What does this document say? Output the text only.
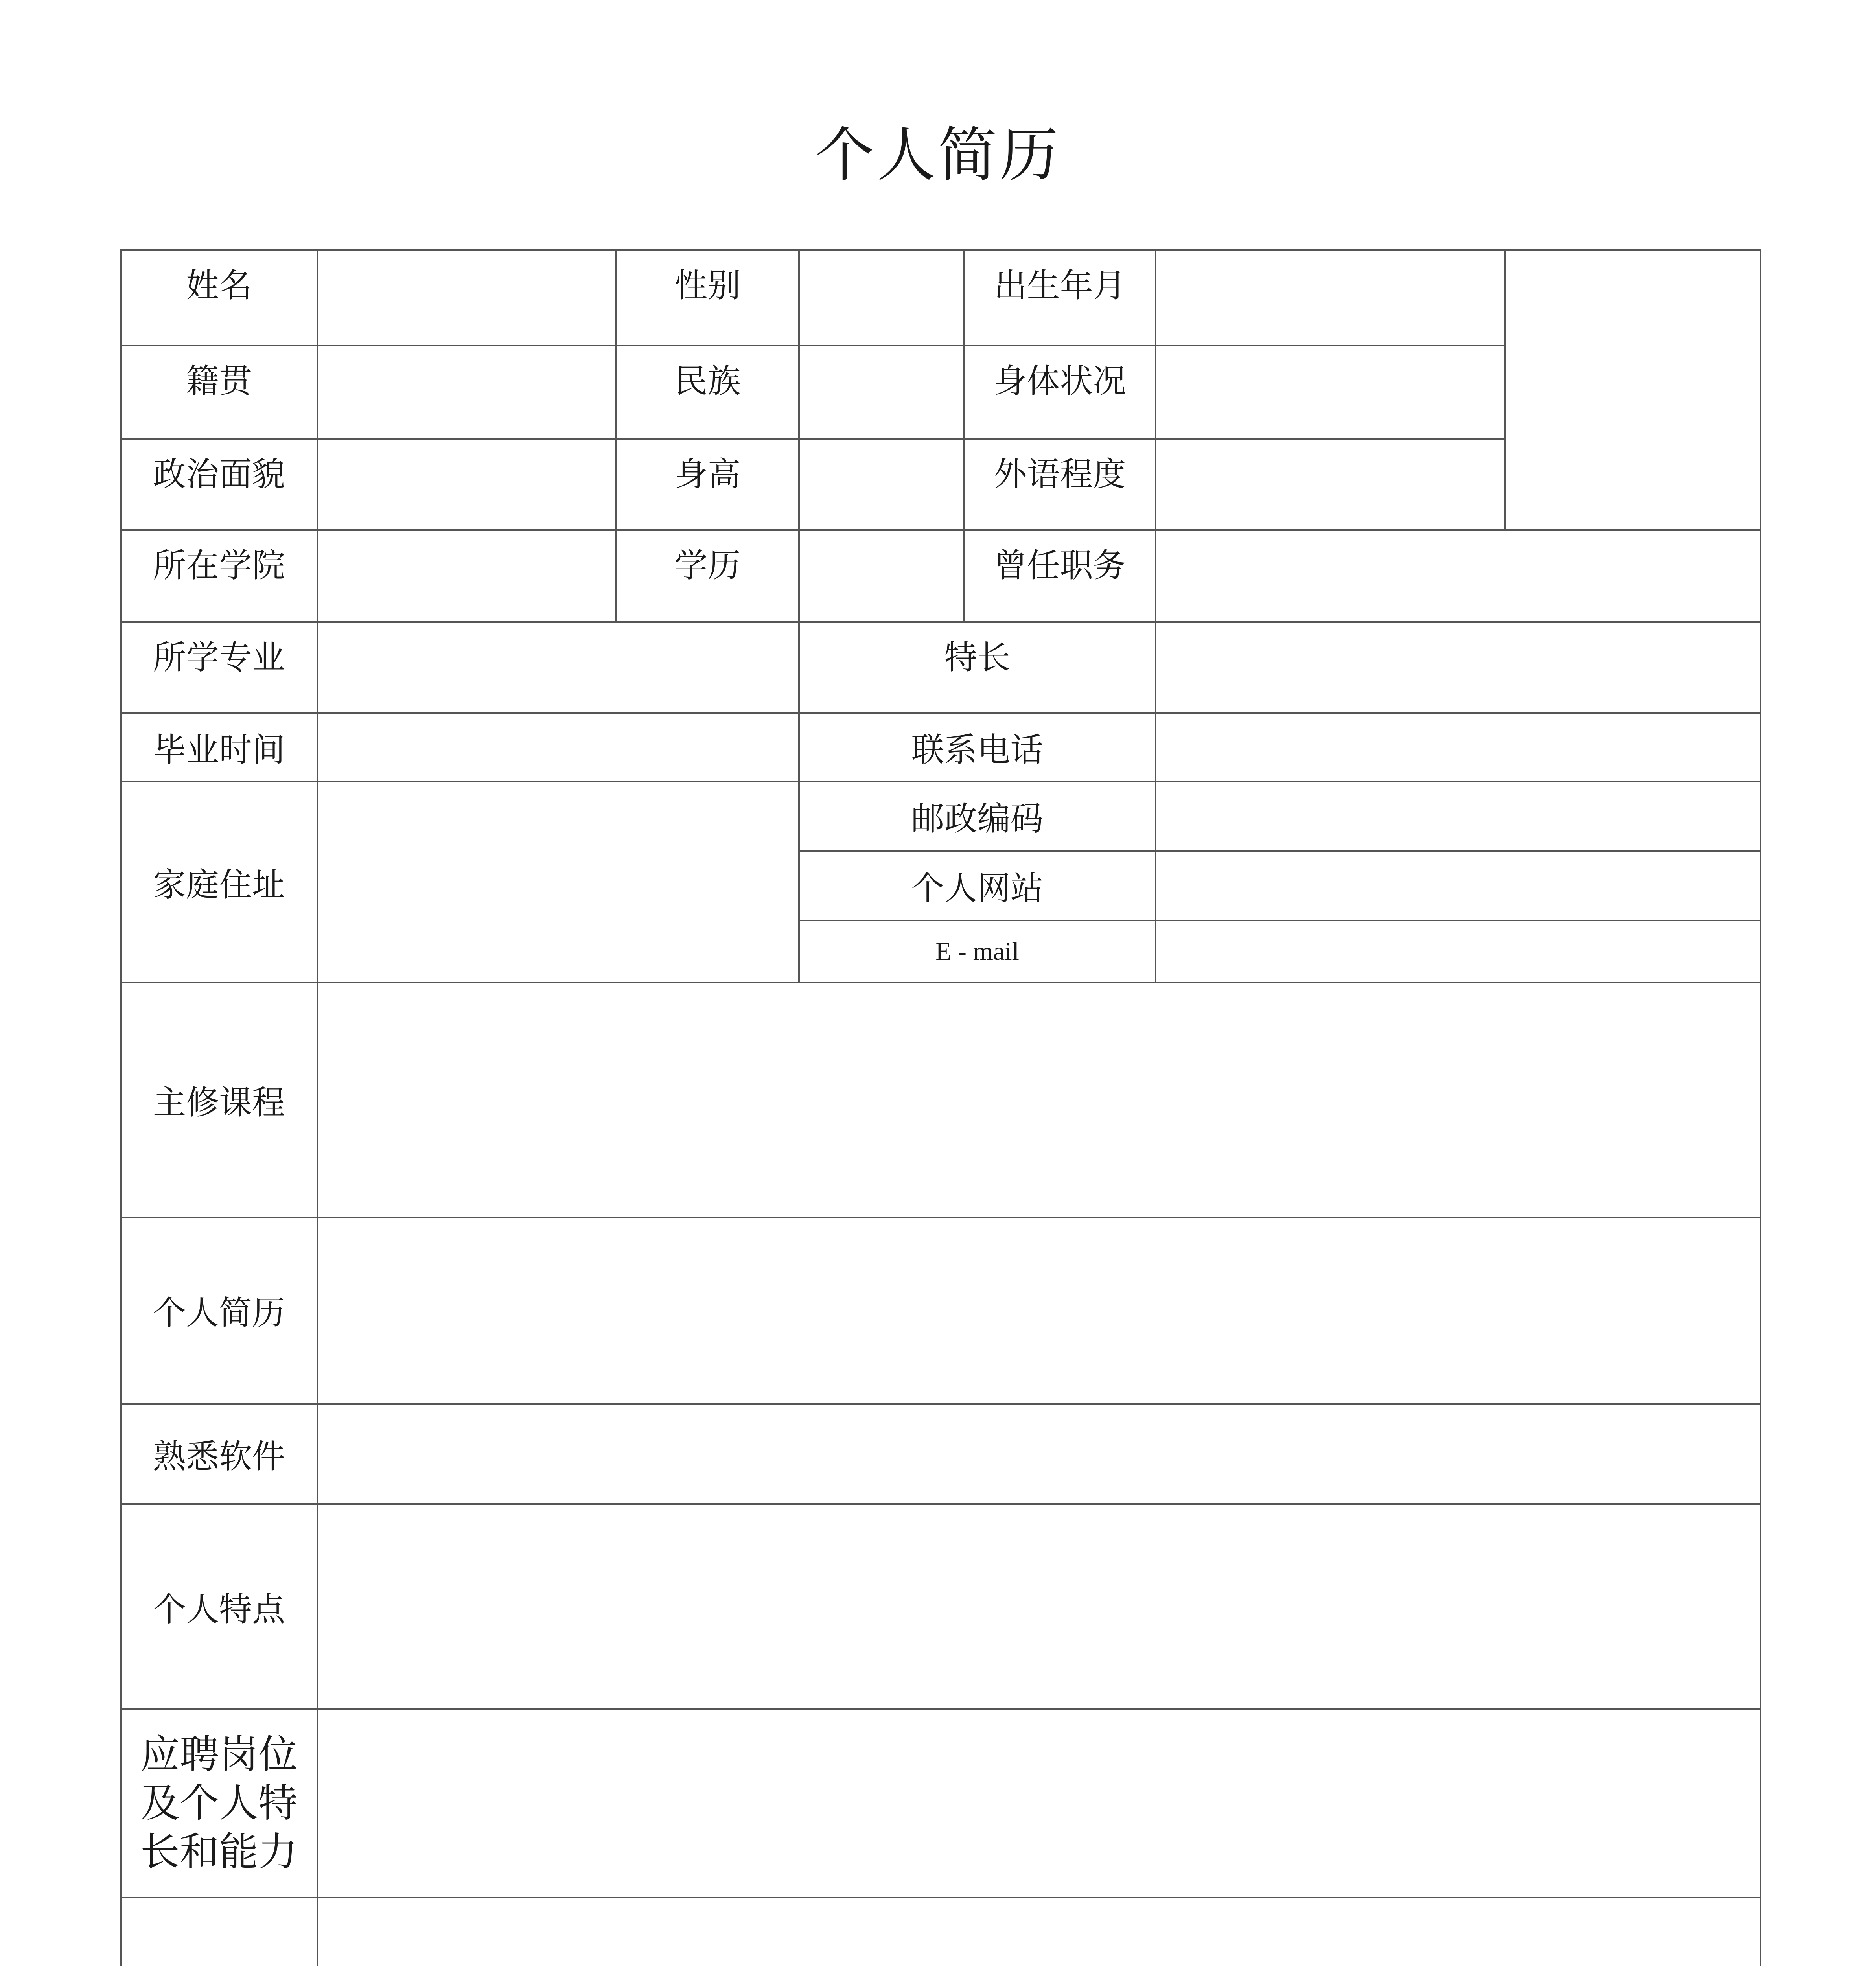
个人简历
姓名		性别		出生年月		
籍贯		民族		身体状况		
政治面貌		身高		外语程度		
所在学院		学历		曾任职务		
所学专业			特长			
毕业时间			联系电话			
家庭住址			邮政编码			
			个人网站			
			E - mail			
主修课程						
个人简历						
熟悉软件						
个人特点						
应聘岗位
及个人特
长和能力						
